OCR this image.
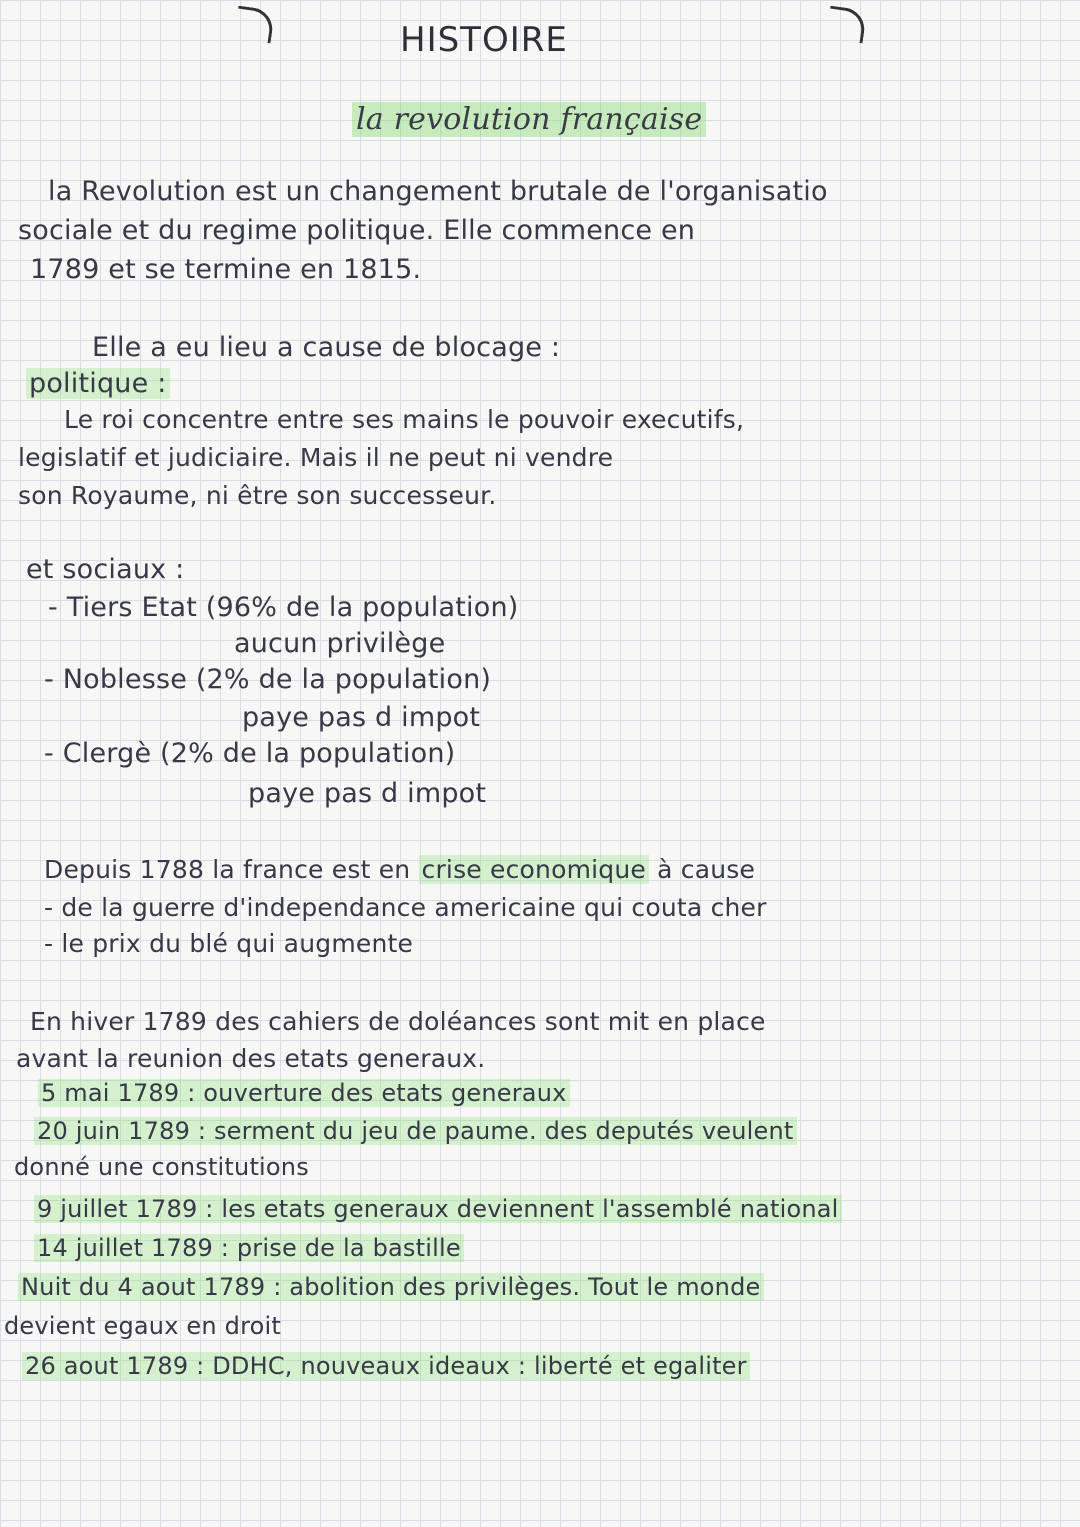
HISTOIRE
la revolution française
la Revolution est un changement brutale de l'organisatio
sociale et du regime politique. Elle commence en
1789 et se termine en 1815.
Elle a eu lieu a cause de blocage :
politique :
Le roi concentre entre ses mains le pouvoir executifs,
legislatif et judiciaire. Mais il ne peut ni vendre
son Royaume, ni être son successeur.
et sociaux :
- Tiers Etat (96% de la population)
aucun privilège
- Noblesse (2% de la population)
paye pas d impot
- Clergè (2% de la population)
paye pas d impot
Depuis 1788 la france est en crise economique à cause
- de la guerre d'independance americaine qui couta cher
- le prix du blé qui augmente
En hiver 1789 des cahiers de doléances sont mit en place
avant la reunion des etats generaux.
5 mai 1789 : ouverture des etats generaux
20 juin 1789 : serment du jeu de paume. des deputés veulent
donné une constitutions
9 juillet 1789 : les etats generaux deviennent l'assemblé national
14 juillet 1789 : prise de la bastille
Nuit du 4 aout 1789 : abolition des privilèges. Tout le monde
devient egaux en droit
26 aout 1789 : DDHC, nouveaux ideaux : liberté et egaliter
